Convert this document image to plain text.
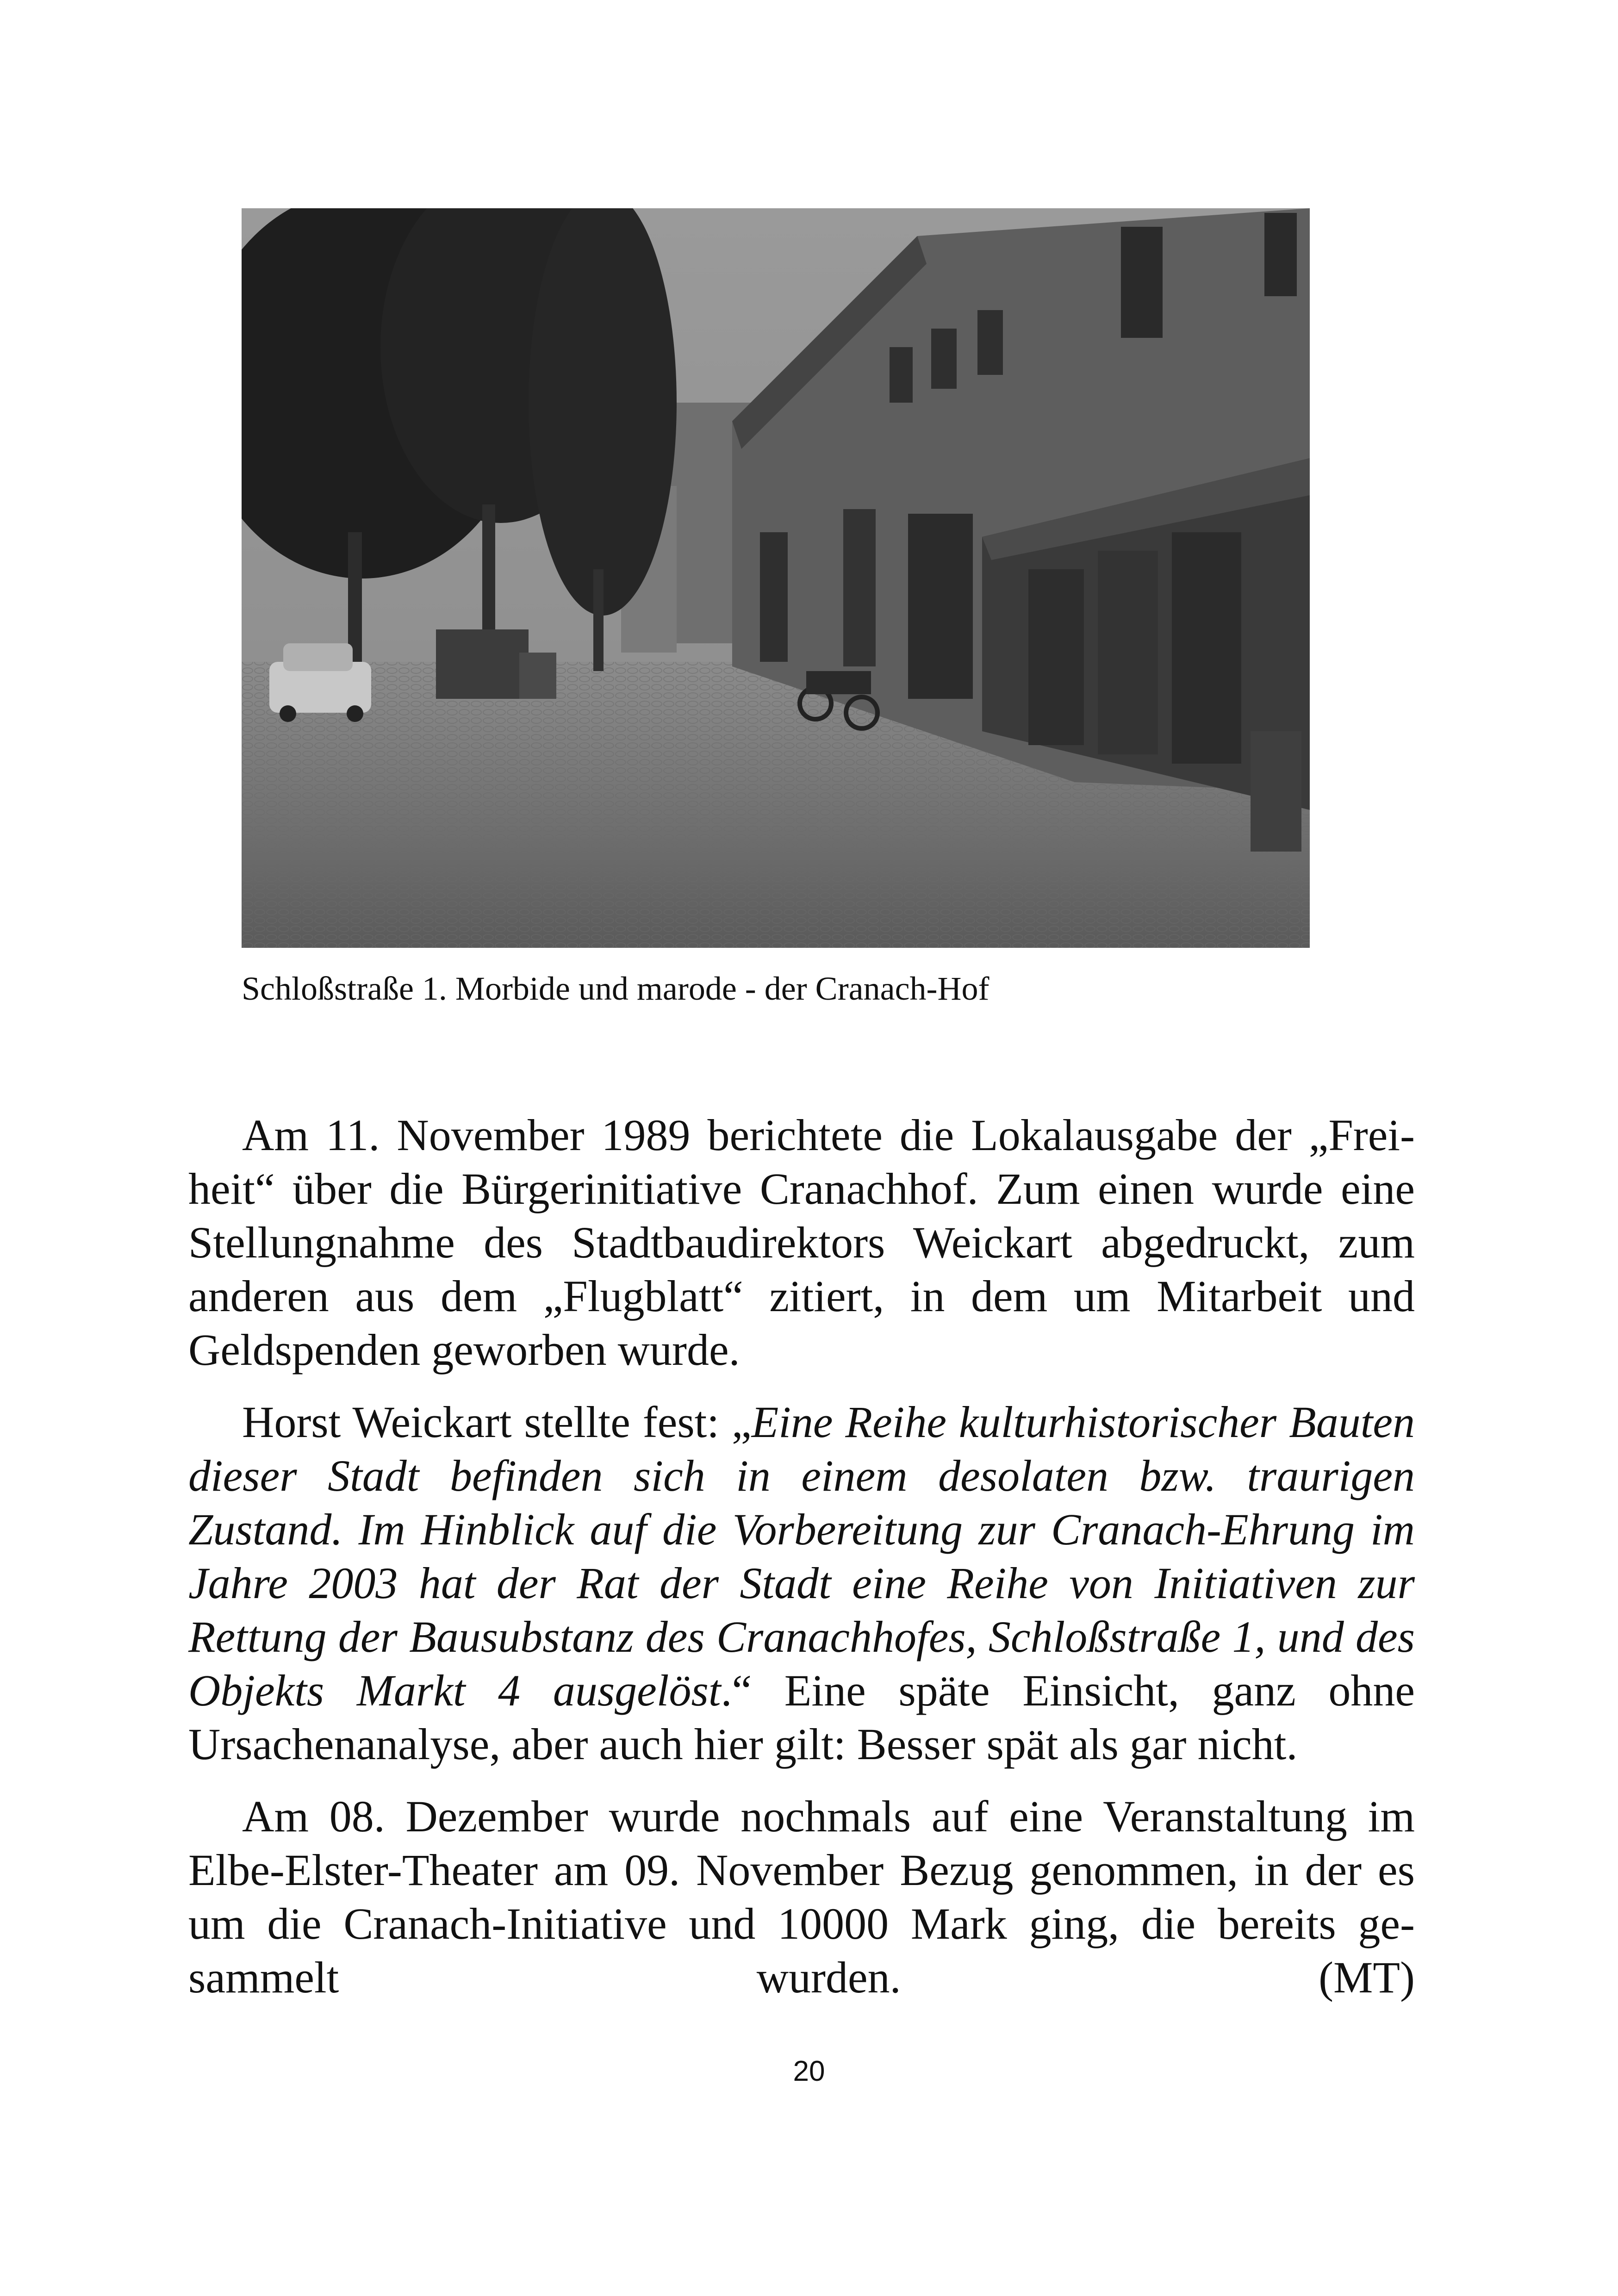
Schloßstraße 1. Morbide und marode - der Cranach-Hof

Am 11. November 1989 berichtete die Lokalausgabe der „Freiheit“ über die Bürgerinitiative Cranachhof. Zum einen wurde eine Stellungnahme des Stadtbaudirektors Weickart abgedruckt, zum anderen aus dem „Flugblatt“ zitiert, in dem um Mitarbeit und Geldspenden geworben wurde.

Horst Weickart stellte fest: „Eine Reihe kulturhistorischer Bauten dieser Stadt befinden sich in einem desolaten bzw. traurigen Zustand. Im Hinblick auf die Vorbereitung zur Cranach-Ehrung im Jahre 2003 hat der Rat der Stadt eine Reihe von Initiativen zur Rettung der Bausubstanz des Cranachhofes, Schloßstraße 1, und des Objekts Markt 4 ausgelöst.“ Eine späte Einsicht, ganz ohne Ursachenanalyse, aber auch hier gilt: Besser spät als gar nicht.

Am 08. Dezember wurde nochmals auf eine Veranstaltung im Elbe-Elster-Theater am 09. November Bezug genommen, in der es um die Cranach-Initiative und 10000 Mark ging, die bereits gesammelt wurden. (MT)

20
